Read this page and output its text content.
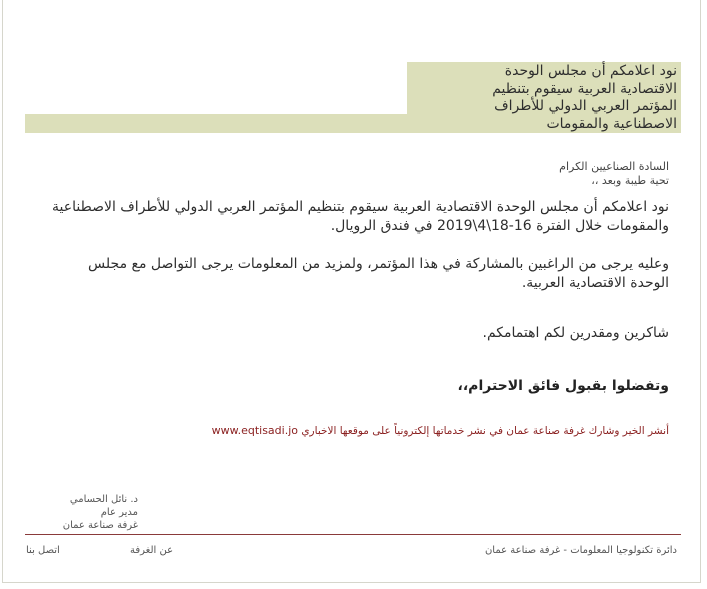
نود اعلامكم أن مجلس الوحدة
الاقتصادية العربية سيقوم بتنظيم
المؤتمر العربي الدولي للأطراف
الاصطناعية والمقومات
السادة الصناعيين الكرام
تحية طيبة وبعد ،،
نود اعلامكم أن مجلس الوحدة الاقتصادية العربية سيقوم بتنظيم المؤتمر العربي الدولي للأطراف الاصطناعية والمقومات خلال الفترة 16-18\4\2019 في فندق الرويال.
وعليه يرجى من الراغبين بالمشاركة في هذا المؤتمر، ولمزيد من المعلومات يرجى التواصل مع مجلس الوحدة الاقتصادية العربية.
شاكرين ومقدرين لكم اهتمامكم.
وتفضلوا بقبول فائق الاحترام،،
أنشر الخير وشارك غرفة صناعة عمان في نشر خدماتها إلكترونياً على موقعها الاخباري www.eqtisadi.jo
د. نائل الحسامي
مدير عام
غرفة صناعة عمان
دائرة تكنولوجيا المعلومات - غرفة صناعة عمان
عن الغرفة
اتصل بنا
